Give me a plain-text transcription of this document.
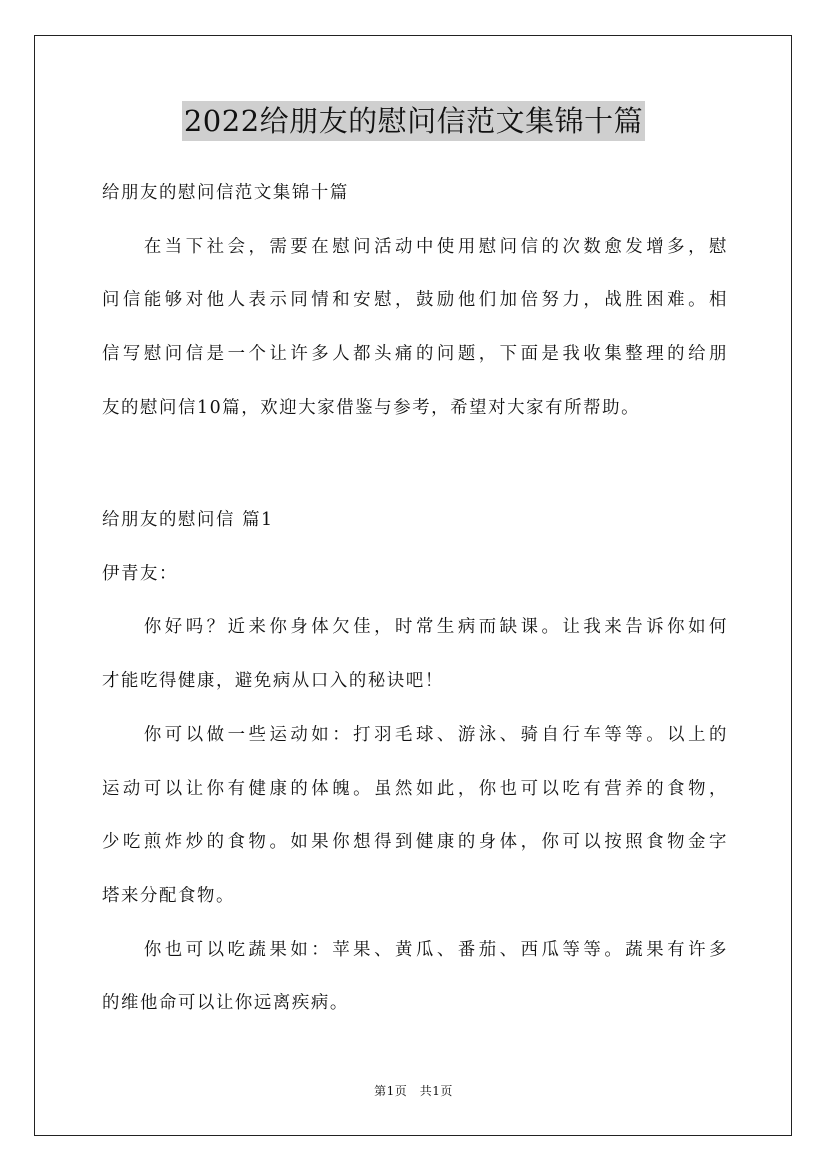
2022给朋友的慰问信范文集锦十篇
给朋友的慰问信范文集锦十篇
　　在当下社会，需要在慰问活动中使用慰问信的次数愈发增多，慰
问信能够对他人表示同情和安慰，鼓励他们加倍努力，战胜困难。相
信写慰问信是一个让许多人都头痛的问题，下面是我收集整理的给朋
友的慰问信10篇，欢迎大家借鉴与参考，希望对大家有所帮助。
给朋友的慰问信 篇1
伊青友：
　　你好吗？近来你身体欠佳，时常生病而缺课。让我来告诉你如何
才能吃得健康，避免病从口入的秘诀吧！
　　你可以做一些运动如：打羽毛球、游泳、骑自行车等等。以上的
运动可以让你有健康的体魄。虽然如此，你也可以吃有营养的食物，
少吃煎炸炒的食物。如果你想得到健康的身体，你可以按照食物金字
塔来分配食物。
　　你也可以吃蔬果如：苹果、黄瓜、番茄、西瓜等等。蔬果有许多
的维他命可以让你远离疾病。
第1页　共1页
